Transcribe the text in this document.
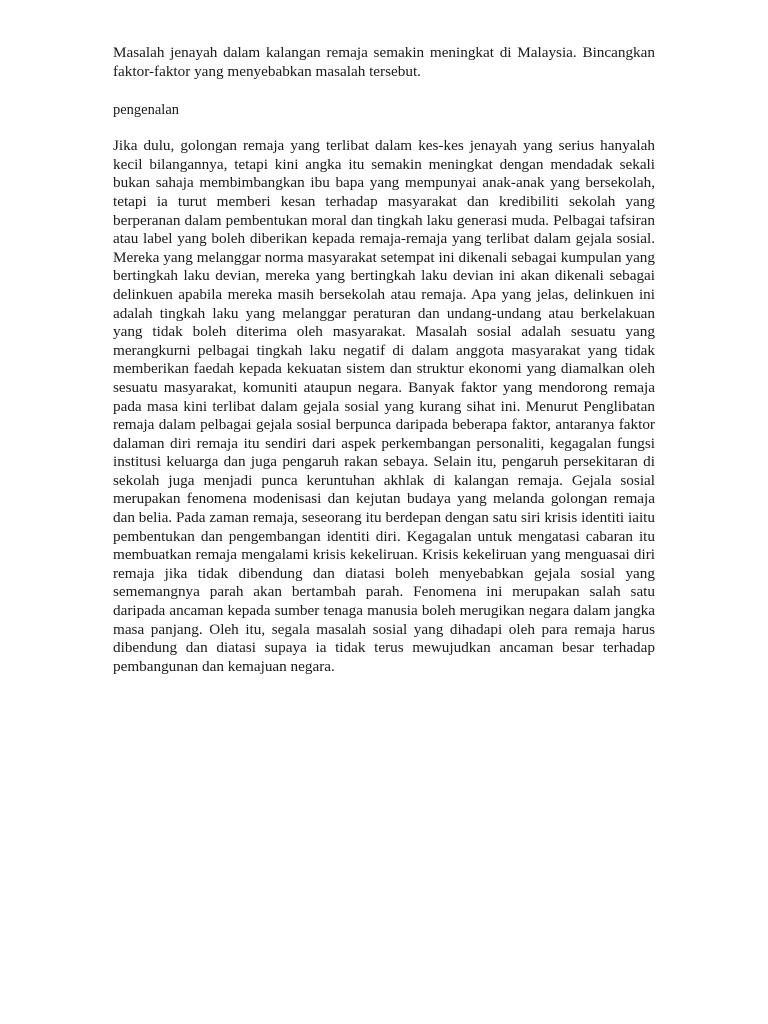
Masalah jenayah dalam kalangan remaja semakin meningkat di Malaysia. Bincangkan faktor-faktor yang menyebabkan masalah tersebut.

pengenalan

Jika dulu, golongan remaja yang terlibat dalam kes-kes jenayah yang serius hanyalah kecil bilangannya, tetapi kini angka itu semakin meningkat dengan mendadak sekali bukan sahaja membimbangkan ibu bapa yang mempunyai anak-anak yang bersekolah, tetapi ia turut memberi kesan terhadap masyarakat dan kredibiliti sekolah yang berperanan dalam pembentukan moral dan tingkah laku generasi muda. Pelbagai tafsiran atau label yang boleh diberikan kepada remaja-remaja yang terlibat dalam gejala sosial. Mereka yang melanggar norma masyarakat setempat ini dikenali sebagai kumpulan yang bertingkah laku devian, mereka yang bertingkah laku devian ini akan dikenali sebagai delinkuen apabila mereka masih bersekolah atau remaja. Apa yang jelas, delinkuen ini adalah tingkah laku yang melanggar peraturan dan undang-undang atau berkelakuan yang tidak boleh diterima oleh masyarakat. Masalah sosial adalah sesuatu yang merangkurni pelbagai tingkah laku negatif di dalam anggota masyarakat yang tidak memberikan faedah kepada kekuatan sistem dan struktur ekonomi yang diamalkan oleh sesuatu masyarakat, komuniti ataupun negara. Banyak faktor yang mendorong remaja pada masa kini terlibat dalam gejala sosial yang kurang sihat ini. Menurut Penglibatan remaja dalam pelbagai gejala sosial berpunca daripada beberapa faktor, antaranya faktor dalaman diri remaja itu sendiri dari aspek perkembangan personaliti, kegagalan fungsi institusi keluarga dan juga pengaruh rakan sebaya. Selain itu, pengaruh persekitaran di sekolah juga menjadi punca keruntuhan akhlak di kalangan remaja. Gejala sosial merupakan fenomena modenisasi dan kejutan budaya yang melanda golongan remaja dan belia. Pada zaman remaja, seseorang itu berdepan dengan satu siri krisis identiti iaitu pembentukan dan pengembangan identiti diri. Kegagalan untuk mengatasi cabaran itu membuatkan remaja mengalami krisis kekeliruan. Krisis kekeliruan yang menguasai diri remaja jika tidak dibendung dan diatasi boleh menyebabkan gejala sosial yang sememangnya parah akan bertambah parah. Fenomena ini merupakan salah satu daripada ancaman kepada sumber tenaga manusia boleh merugikan negara dalam jangka masa panjang. Oleh itu, segala masalah sosial yang dihadapi oleh para remaja harus dibendung dan diatasi supaya ia tidak terus mewujudkan ancaman besar terhadap pembangunan dan kemajuan negara.
